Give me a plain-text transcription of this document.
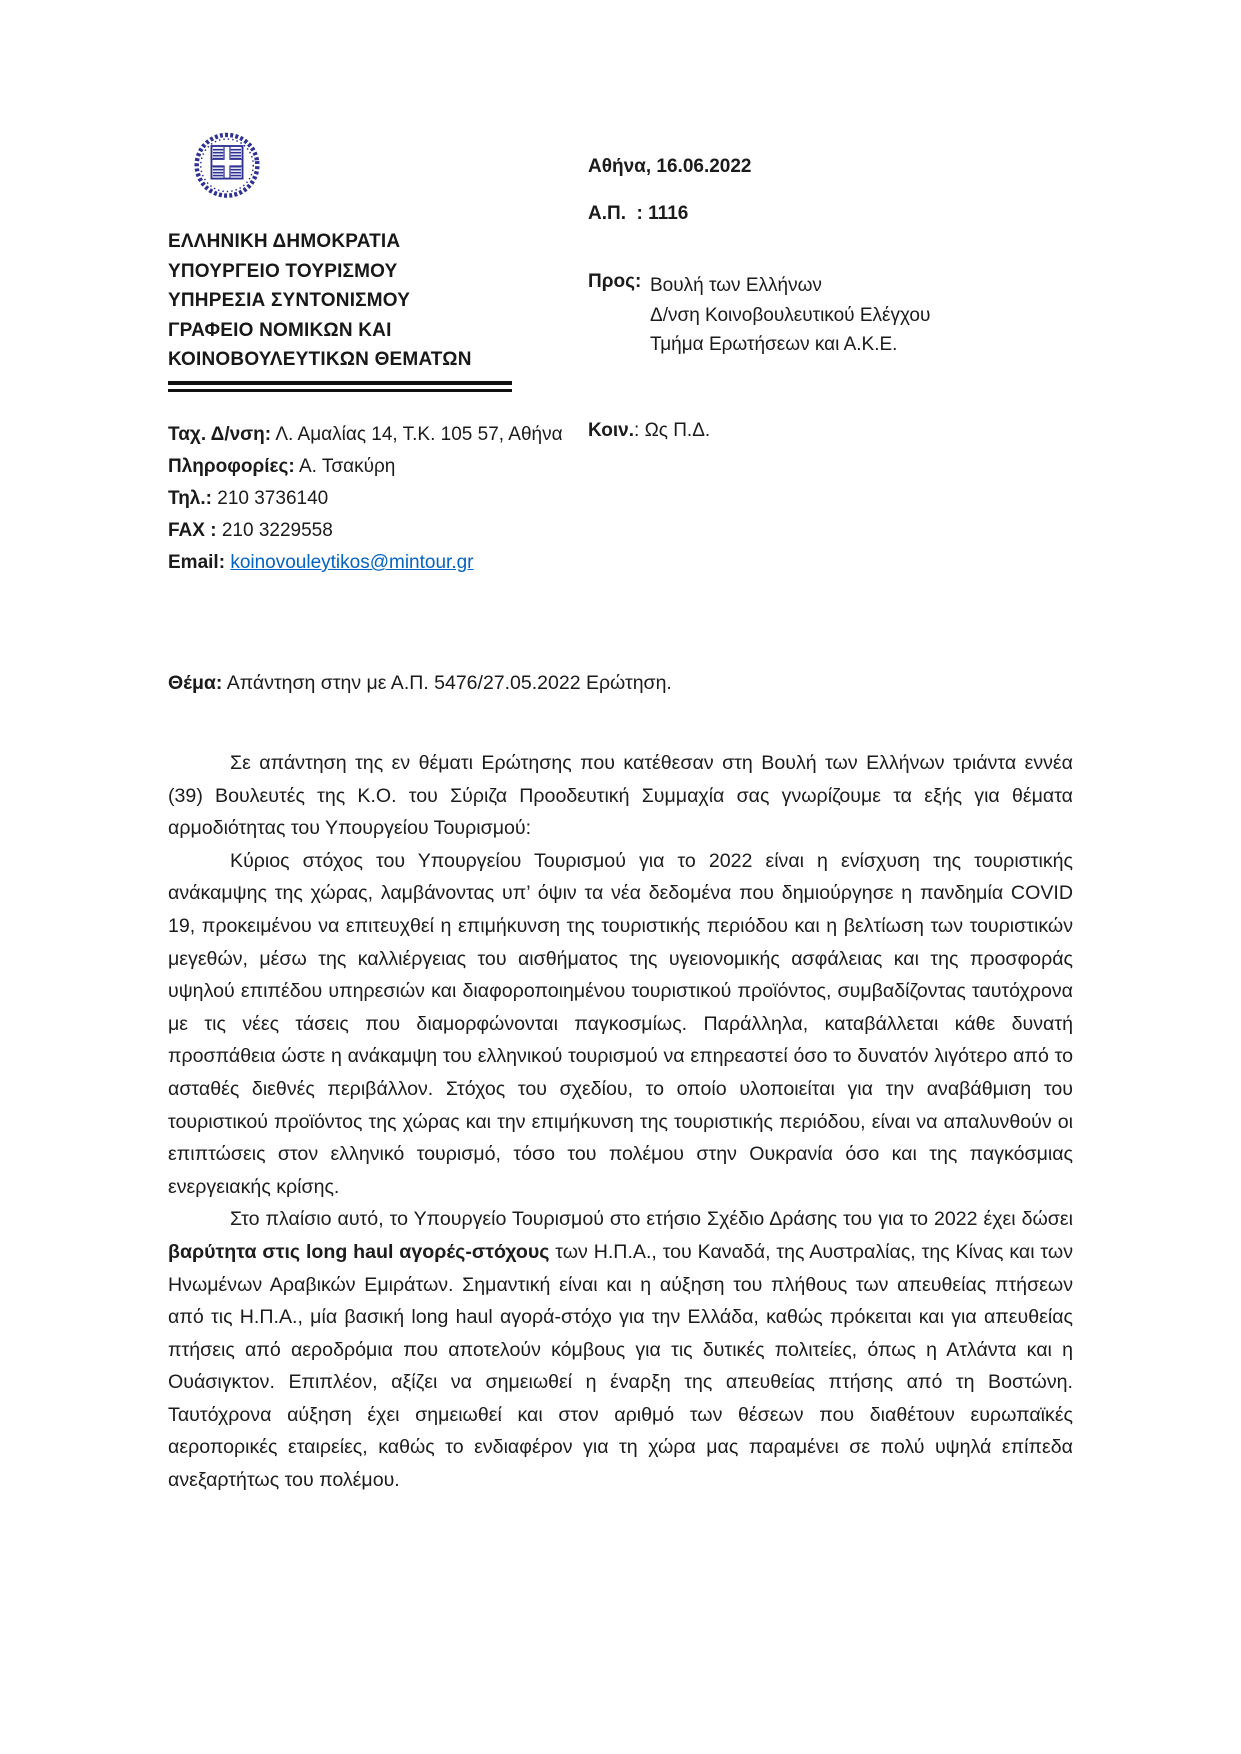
ΕΛΛΗΝΙΚΗ ΔΗΜΟΚΡΑΤΙΑ
ΥΠΟΥΡΓΕΙΟ ΤΟΥΡΙΣΜΟΥ
ΥΠΗΡΕΣΙΑ ΣΥΝΤΟΝΙΣΜΟΥ
ΓΡΑΦΕΙΟ ΝΟΜΙΚΩΝ ΚΑΙ
ΚΟΙΝΟΒΟΥΛΕΥΤΙΚΩΝ ΘΕΜΑΤΩΝ
Αθήνα, 16.06.2022
Α.Π.  : 1116
Προς: Βουλή των Ελλήνων
Δ/νση Κοινοβουλευτικού Ελέγχου
Τμήμα Ερωτήσεων και Α.Κ.Ε.
Κοιν.: Ως Π.Δ.
Ταχ. Δ/νση: Λ. Αμαλίας 14, Τ.Κ. 105 57, Αθήνα
Πληροφορίες: Α. Τσακύρη
Τηλ.: 210 3736140
FAX : 210 3229558
Email: koinovouleytikos@mintour.gr
Θέμα: Απάντηση στην με Α.Π. 5476/27.05.2022 Ερώτηση.

Σε απάντηση της εν θέματι Ερώτησης που κατέθεσαν στη Βουλή των Ελλήνων τριάντα εννέα (39) Βουλευτές της Κ.Ο. του Σύριζα Προοδευτική Συμμαχία σας γνωρίζουμε τα εξής για θέματα αρμοδιότητας του Υπουργείου Τουρισμού:

Κύριος στόχος του Υπουργείου Τουρισμού για το 2022 είναι η ενίσχυση της τουριστικής ανάκαμψης της χώρας, λαμβάνοντας υπ’ όψιν τα νέα δεδομένα που δημιούργησε η πανδημία COVID 19, προκειμένου να επιτευχθεί η επιμήκυνση της τουριστικής περιόδου και η βελτίωση των τουριστικών μεγεθών, μέσω της καλλιέργειας του αισθήματος της υγειονομικής ασφάλειας και της προσφοράς υψηλού επιπέδου υπηρεσιών και διαφοροποιημένου τουριστικού προϊόντος, συμβαδίζοντας ταυτόχρονα με τις νέες τάσεις που διαμορφώνονται παγκοσμίως. Παράλληλα, καταβάλλεται κάθε δυνατή προσπάθεια ώστε η ανάκαμψη του ελληνικού τουρισμού να επηρεαστεί όσο το δυνατόν λιγότερο από το ασταθές διεθνές περιβάλλον. Στόχος του σχεδίου, το οποίο υλοποιείται για την αναβάθμιση του τουριστικού προϊόντος της χώρας και την επιμήκυνση της τουριστικής περιόδου, είναι να απαλυνθούν οι επιπτώσεις στον ελληνικό τουρισμό, τόσο του πολέμου στην Ουκρανία όσο και της παγκόσμιας ενεργειακής κρίσης.

Στο πλαίσιο αυτό, το Υπουργείο Τουρισμού στο ετήσιο Σχέδιο Δράσης του για το 2022 έχει δώσει βαρύτητα στις long haul αγορές-στόχους των Η.Π.Α., του Καναδά, της Αυστραλίας, της Κίνας και των Ηνωμένων Αραβικών Εμιράτων. Σημαντική είναι και η αύξηση του πλήθους των απευθείας πτήσεων από τις Η.Π.Α., μία βασική long haul αγορά-στόχο για την Ελλάδα, καθώς πρόκειται και για απευθείας πτήσεις από αεροδρόμια που αποτελούν κόμβους για τις δυτικές πολιτείες, όπως η Ατλάντα και η Ουάσιγκτον. Επιπλέον, αξίζει να σημειωθεί η έναρξη της απευθείας πτήσης από τη Βοστώνη. Ταυτόχρονα αύξηση έχει σημειωθεί και στον αριθμό των θέσεων που διαθέτουν ευρωπαϊκές αεροπορικές εταιρείες, καθώς το ενδιαφέρον για τη χώρα μας παραμένει σε πολύ υψηλά επίπεδα ανεξαρτήτως του πολέμου.
